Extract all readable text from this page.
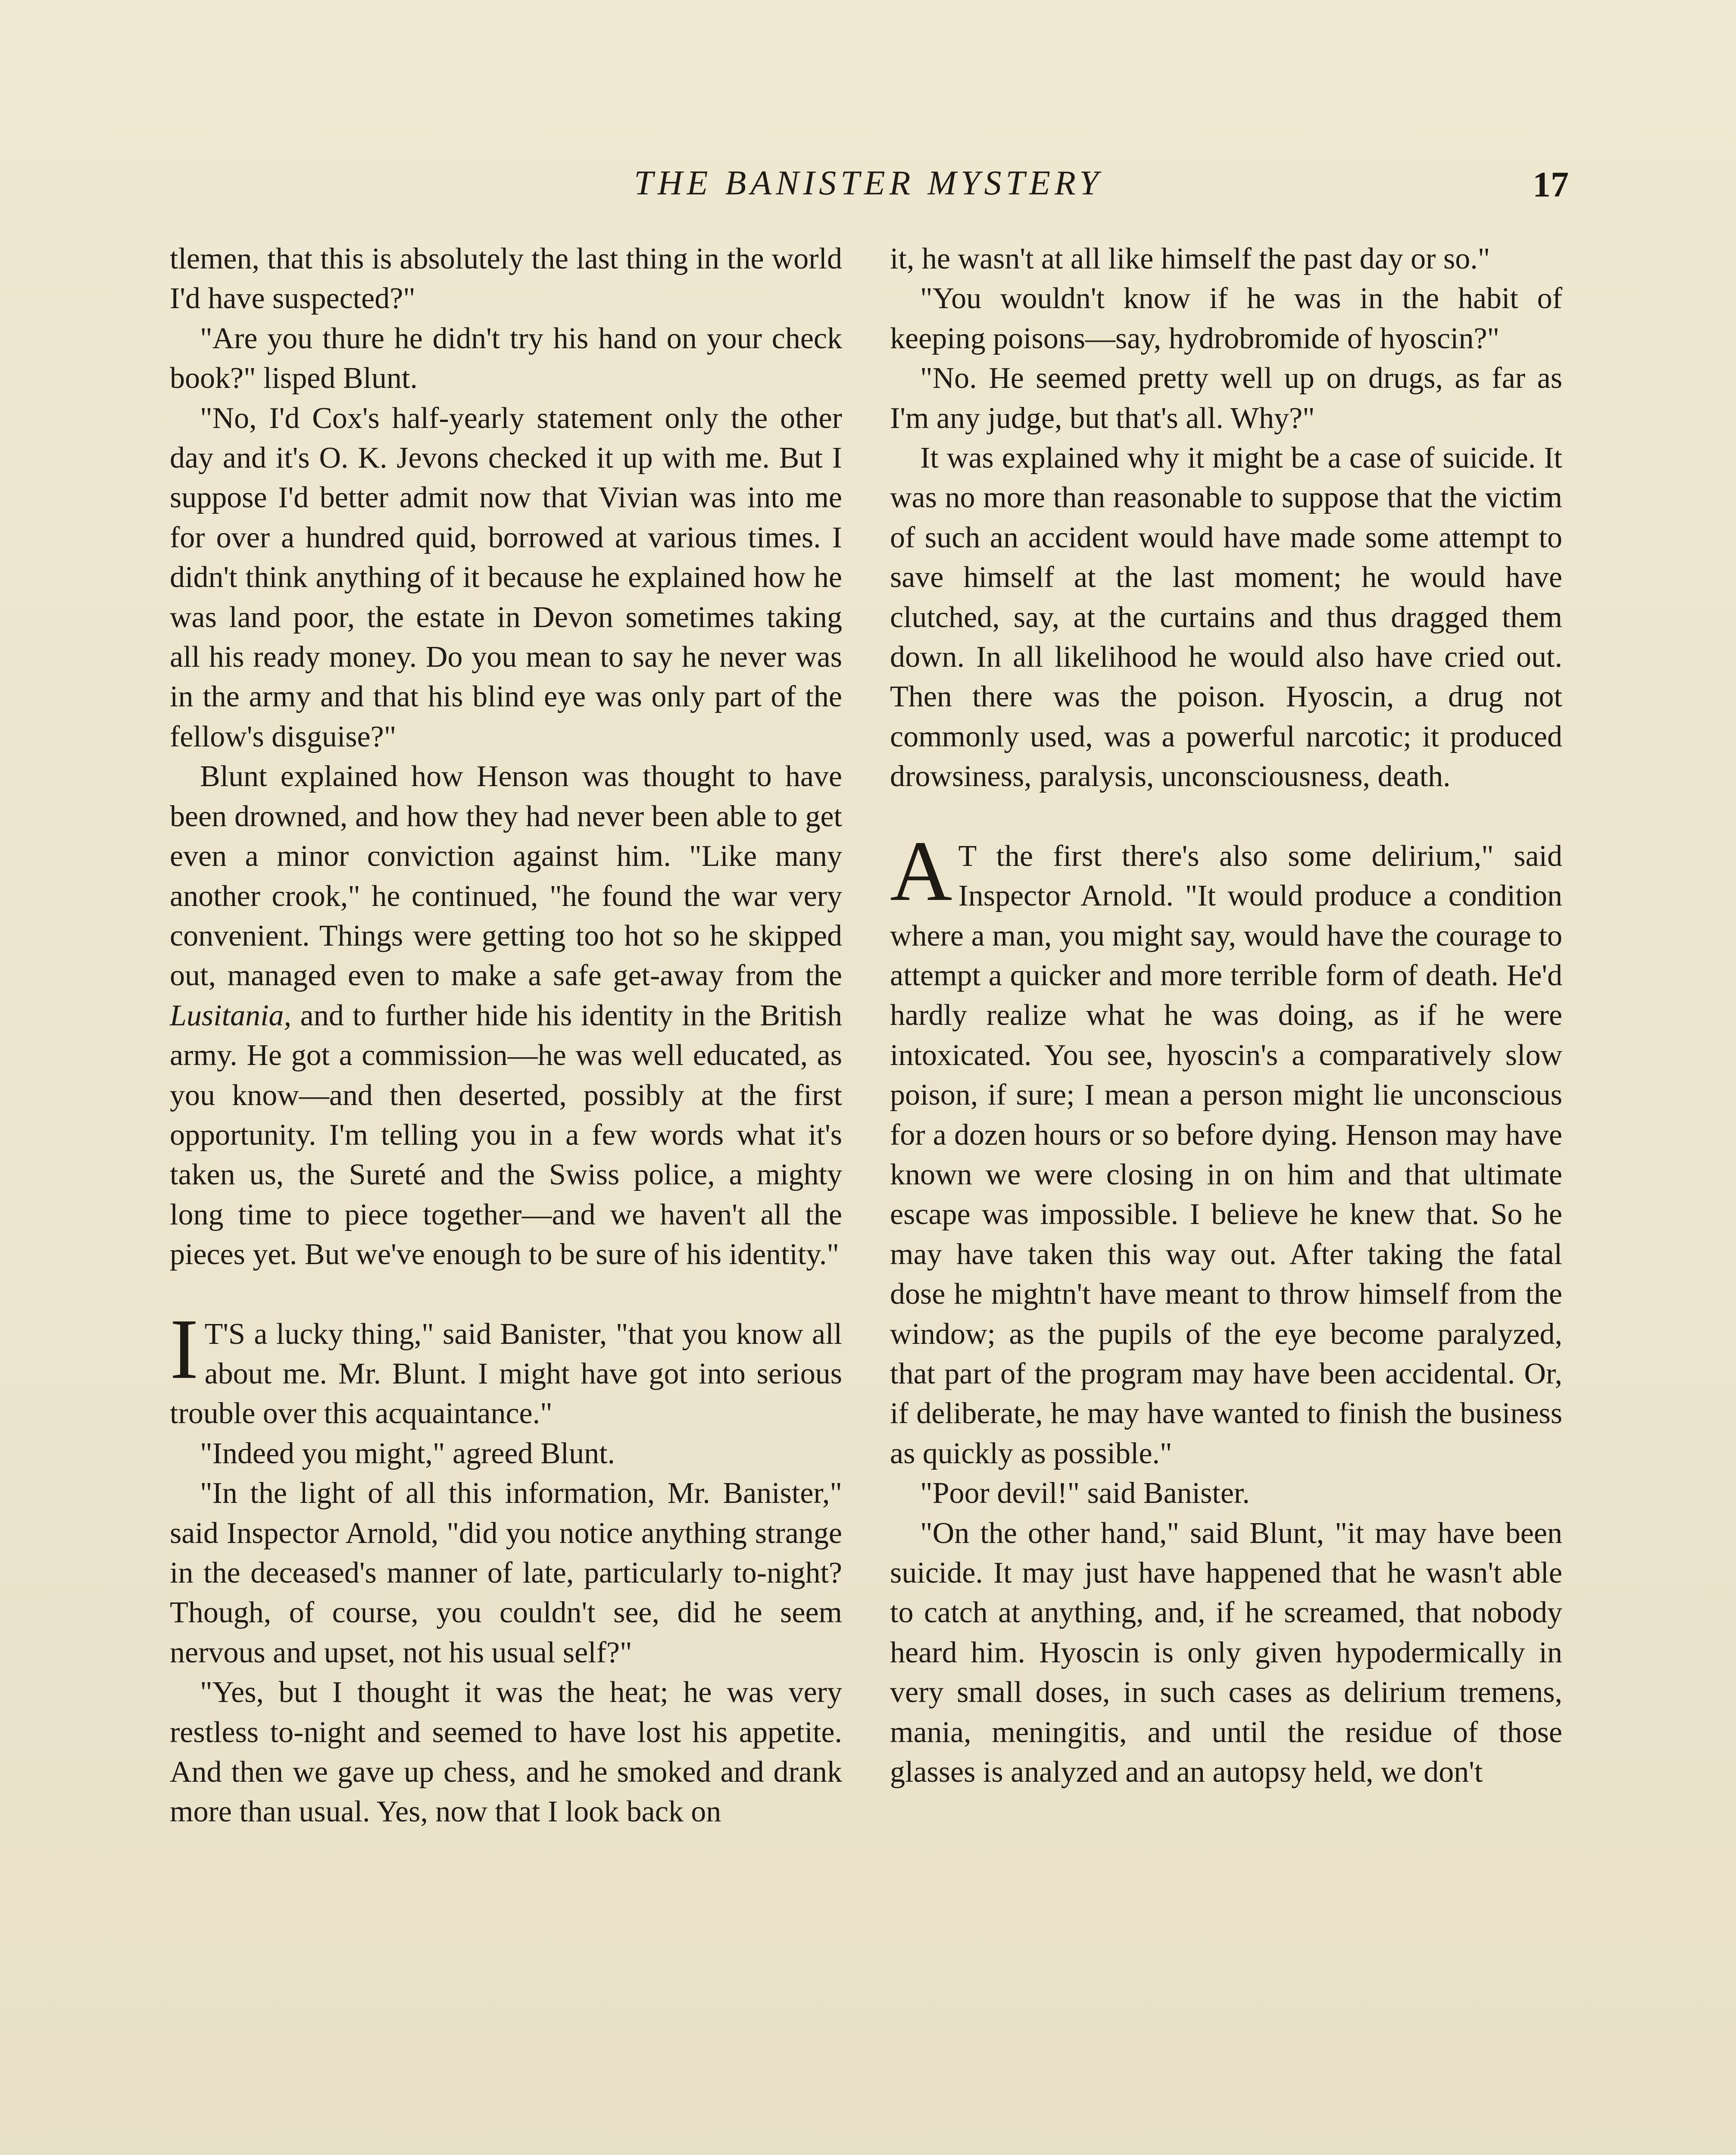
THE BANISTER MYSTERY	17

tlemen, that this is absolutely the last thing in the world I'd have suspected?"

"Are you thure he didn't try his hand on your check book?" lisped Blunt.

"No, I'd Cox's half-yearly statement only the other day and it's O. K. Jevons checked it up with me. But I suppose I'd better admit now that Vivian was into me for over a hundred quid, borrowed at various times. I didn't think anything of it because he explained how he was land poor, the estate in Devon sometimes taking all his ready money. Do you mean to say he never was in the army and that his blind eye was only part of the fellow's disguise?"

Blunt explained how Henson was thought to have been drowned, and how they had never been able to get even a minor conviction against him. "Like many another crook," he continued, "he found the war very convenient. Things were getting too hot so he skipped out, managed even to make a safe get-away from the Lusitania, and to further hide his identity in the British army. He got a commission—he was well educated, as you know—and then deserted, possibly at the first opportunity. I'm telling you in a few words what it's taken us, the Sureté and the Swiss police, a mighty long time to piece together—and we haven't all the pieces yet. But we've enough to be sure of his identity."

I T'S a lucky thing," said Banister, "that you know all about me. Mr. Blunt. I might have got into serious trouble over this acquaintance."

"Indeed you might," agreed Blunt.

"In the light of all this information, Mr. Banister," said Inspector Arnold, "did you notice anything strange in the deceased's manner of late, particularly to-night? Though, of course, you couldn't see, did he seem nervous and upset, not his usual self?"

"Yes, but I thought it was the heat; he was very restless to-night and seemed to have lost his appetite. And then we gave up chess, and he smoked and drank more than usual. Yes, now that I look back on

it, he wasn't at all like himself the past day or so."

"You wouldn't know if he was in the habit of keeping poisons—say, hydrobromide of hyoscin?"

"No. He seemed pretty well up on drugs, as far as I'm any judge, but that's all. Why?"

It was explained why it might be a case of suicide. It was no more than reasonable to suppose that the victim of such an accident would have made some attempt to save himself at the last moment; he would have clutched, say, at the curtains and thus dragged them down. In all likelihood he would also have cried out. Then there was the poison. Hyoscin, a drug not commonly used, was a powerful narcotic; it produced drowsiness, paralysis, unconsciousness, death.

A T the first there's also some delirium," said Inspector Arnold. "It would produce a condition where a man, you might say, would have the courage to attempt a quicker and more terrible form of death. He'd hardly realize what he was doing, as if he were intoxicated. You see, hyoscin's a comparatively slow poison, if sure; I mean a person might lie unconscious for a dozen hours or so before dying. Henson may have known we were closing in on him and that ultimate escape was impossible. I believe he knew that. So he may have taken this way out. After taking the fatal dose he mightn't have meant to throw himself from the window; as the pupils of the eye become paralyzed, that part of the program may have been accidental. Or, if deliberate, he may have wanted to finish the business as quickly as possible."

"Poor devil!" said Banister.

"On the other hand," said Blunt, "it may have been suicide. It may just have happened that he wasn't able to catch at anything, and, if he screamed, that nobody heard him. Hyoscin is only given hypodermically in very small doses, in such cases as delirium tremens, mania, meningitis, and until the residue of those glasses is analyzed and an autopsy held, we don't
